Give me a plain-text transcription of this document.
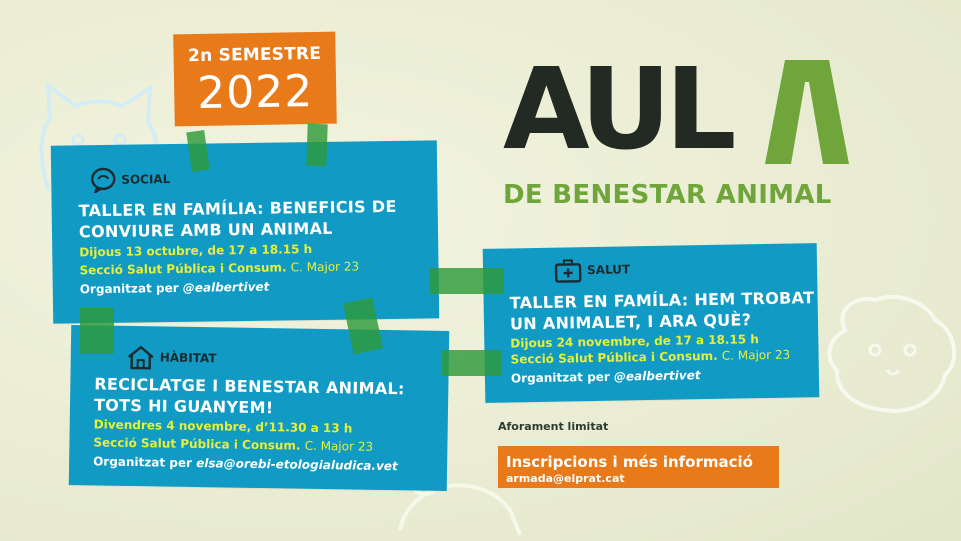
2n SEMESTRE
2022
SOCIAL
TALLER EN FAMÍLIA: BENEFICIS DE
CONVIURE AMB UN ANIMAL
Dijous 13 octubre, de 17 a 18.15 h
Secció Salut Pública i Consum. C. Major 23
Organitzat per @ealbertivet
HÀBITAT
RECICLATGE I BENESTAR ANIMAL:
TOTS HI GUANYEM!
Divendres 4 novembre, d’11.30 a 13 h
Secció Salut Pública i Consum. C. Major 23
Organitzat per elsa@orebi-etologialudica.vet
SALUT
TALLER EN FAMÍLA: HEM TROBAT
UN ANIMALET, I ARA QUÈ?
Dijous 24 novembre, de 17 a 18.15 h
Secció Salut Pública i Consum. C. Major 23
Organitzat per @ealbertivet
AUL
DE BENESTAR ANIMAL
Aforament limitat
Inscripcions i més informació
armada@elprat.cat
